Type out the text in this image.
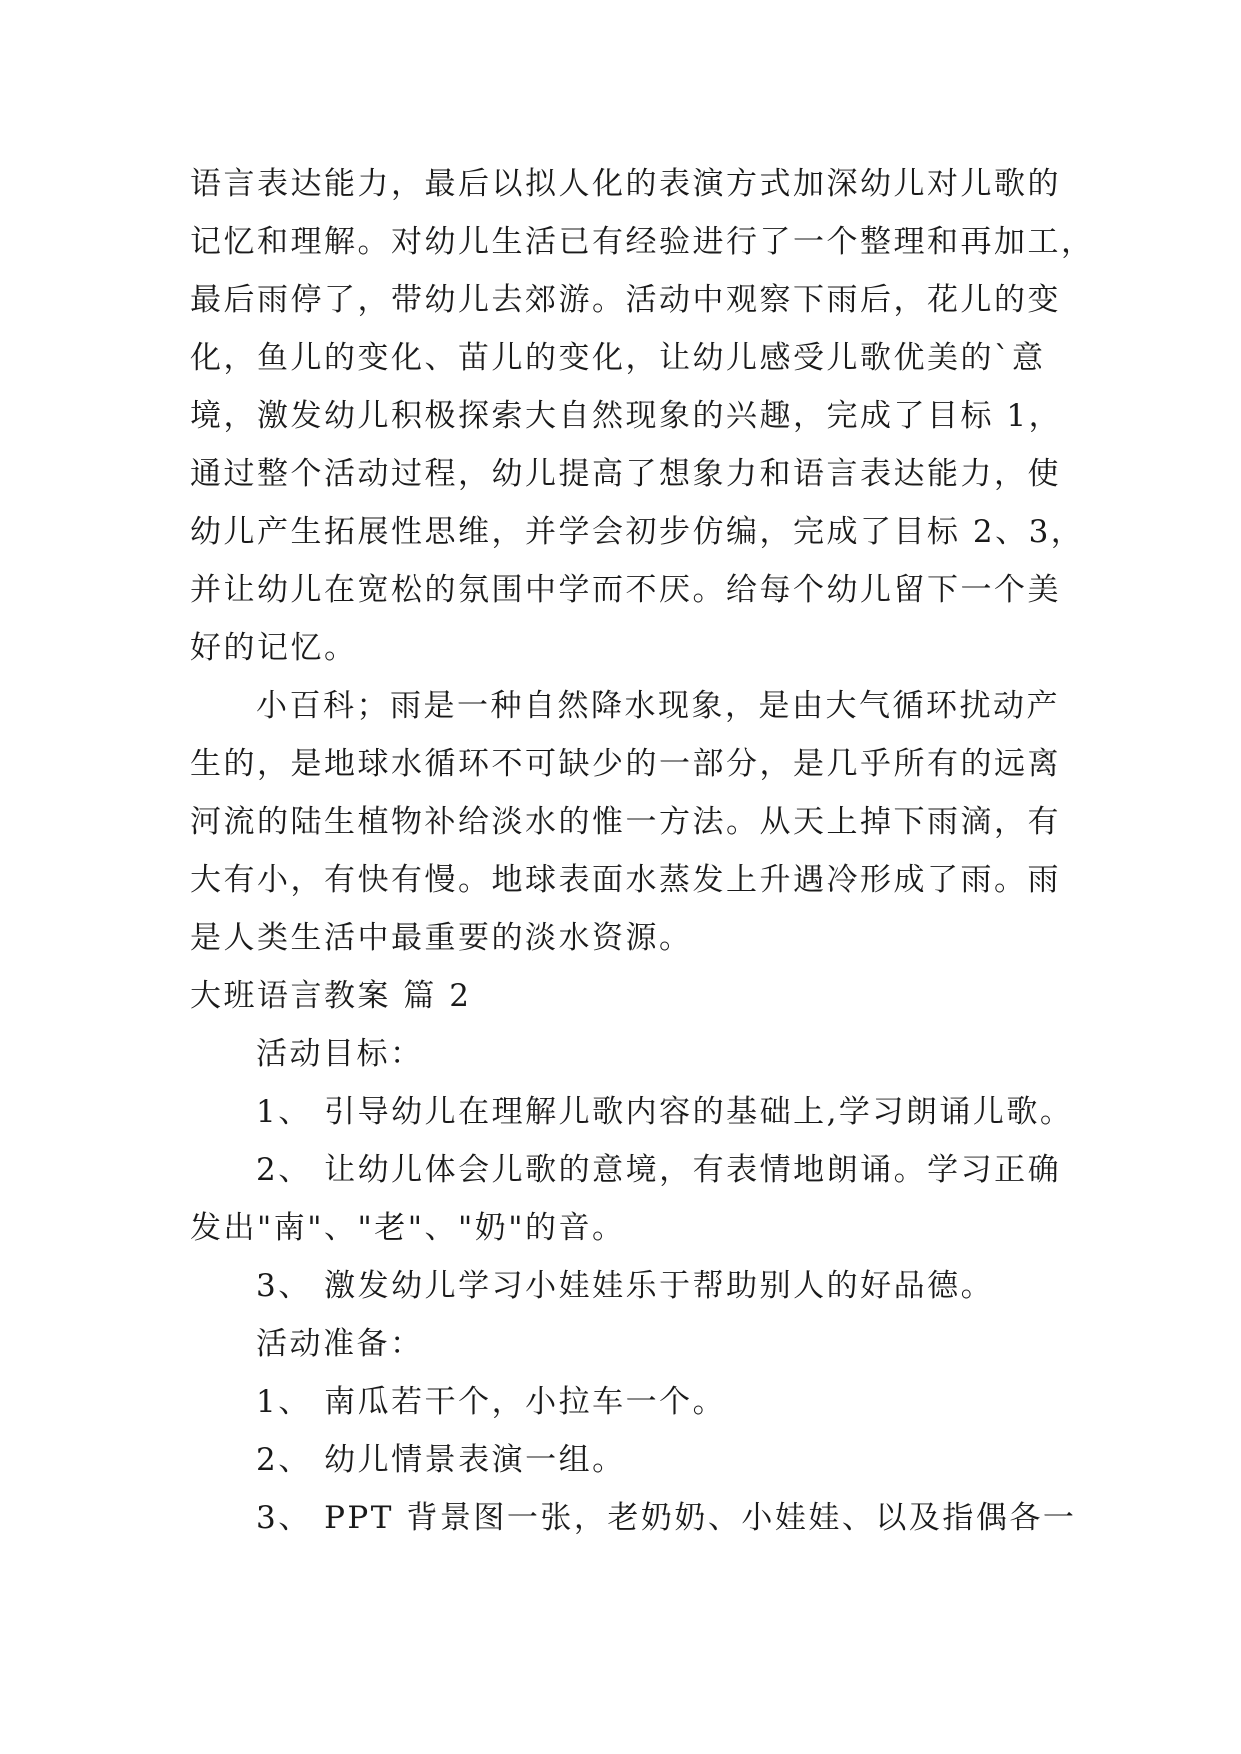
语言表达能力，最后以拟人化的表演方式加深幼儿对儿歌的

记忆和理解。对幼儿生活已有经验进行了一个整理和再加工，

最后雨停了，带幼儿去郊游。活动中观察下雨后，花儿的变

化，鱼儿的变化、苗儿的变化，让幼儿感受儿歌优美的`意

境，激发幼儿积极探索大自然现象的兴趣，完成了目标 1，

通过整个活动过程，幼儿提高了想象力和语言表达能力，使

幼儿产生拓展性思维，并学会初步仿编，完成了目标 2、3，

并让幼儿在宽松的氛围中学而不厌。给每个幼儿留下一个美

好的记忆。

小百科；雨是一种自然降水现象，是由大气循环扰动产

生的，是地球水循环不可缺少的一部分，是几乎所有的远离

河流的陆生植物补给淡水的惟一方法。从天上掉下雨滴，有

大有小，有快有慢。地球表面水蒸发上升遇冷形成了雨。雨

是人类生活中最重要的淡水资源。

大班语言教案 篇 2

活动目标：

1、 引导幼儿在理解儿歌内容的基础上,学习朗诵儿歌。

2、 让幼儿体会儿歌的意境，有表情地朗诵。学习正确

发出"南"、"老"、"奶"的音。

3、 激发幼儿学习小娃娃乐于帮助别人的好品德。

活动准备：

1、 南瓜若干个，小拉车一个。

2、 幼儿情景表演一组。

3、 PPT 背景图一张，老奶奶、小娃娃、以及指偶各一
